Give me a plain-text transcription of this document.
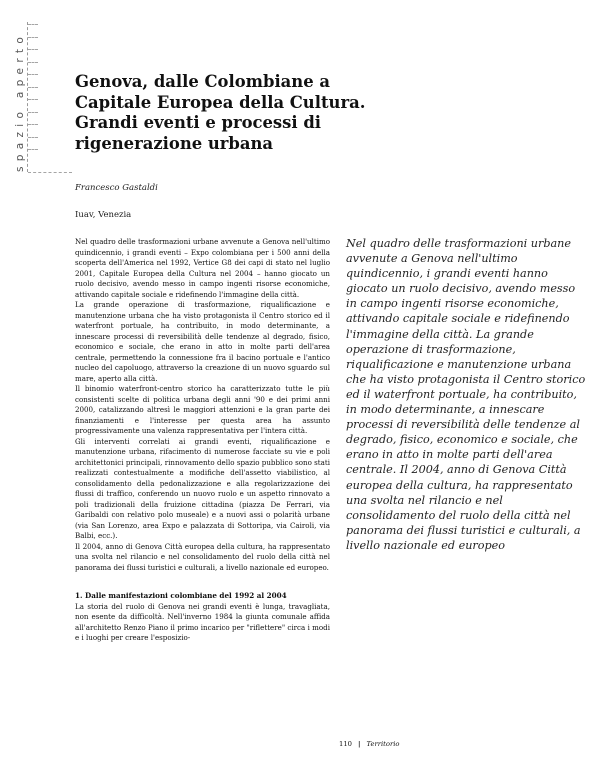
spazio aperto	Genova, dalle Colombiane a Capitale Europea della Cultura. Grandi eventi e processi di rigenerazione urbana

Francesco Gastaldi

Iuav, Venezia

Nel quadro delle trasformazioni urbane avvenute a Genova nell'ultimo quindicennio, i grandi eventi – Expo colombiana per i 500 anni della scoperta dell'America nel 1992, Vertice G8 dei capi di stato nel luglio 2001, Capitale Europea della Cultura nel 2004 – hanno giocato un ruolo decisivo, avendo messo in campo ingenti risorse economiche, attivando capitale sociale e ridefinendo l'immagine della città.

La grande operazione di trasformazione, riqualificazione e manutenzione urbana che ha visto protagonista il Centro storico ed il waterfront portuale, ha contribuito, in modo determinante, a innescare processi di reversibilità delle tendenze al degrado, fisico, economico e sociale, che erano in atto in molte parti dell'area centrale, permettendo la connessione fra il bacino portuale e l'antico nucleo del capoluogo, attraverso la creazione di un nuovo sguardo sul mare, aperto alla città.

Il binomio waterfront-centro storico ha caratterizzato tutte le più consistenti scelte di politica urbana degli anni '90 e dei primi anni 2000, catalizzando altresì le maggiori attenzioni e la gran parte dei finanziamenti e l'interesse per questa area ha assunto progressivamente una valenza rappresentativa per l'intera città.

Gli interventi correlati ai grandi eventi, riqualificazione e manutenzione urbana, rifacimento di numerose facciate su vie e poli architettonici principali, rinnovamento dello spazio pubblico sono stati realizzati contestualmente a modifiche dell'assetto viabilistico, al consolidamento della pedonalizzazione e alla regolarizzazione dei flussi di traffico, conferendo un nuovo ruolo e un aspetto rinnovato a poli tradizionali della fruizione cittadina (piazza De Ferrari, via Garibaldi con relativo polo museale) e a nuovi assi o polarità urbane (via San Lorenzo, area Expo e palazzata di Sottoripa, via Cairoli, via Balbi, ecc.).

Il 2004, anno di Genova Città europea della cultura, ha rappresentato una svolta nel rilancio e nel consolidamento del ruolo della città nel panorama dei flussi turistici e culturali, a livello nazionale ed europeo.

1. Dalle manifestazioni colombiane del 1992 al 2004

La storia del ruolo di Genova nei grandi eventi è lunga, travagliata, non esente da difficoltà. Nell'inverno 1984 la giunta comunale affida all'architetto Renzo Piano il primo incarico per "riflettere" circa i modi e i luoghi per creare l'esposizio-

Nel quadro delle trasformazioni urbane avvenute a Genova nell'ultimo quindicennio, i grandi eventi hanno giocato un ruolo decisivo, avendo messo in campo ingenti risorse economiche, attivando capitale sociale e ridefinendo l'immagine della città. La grande operazione di trasformazione, riqualificazione e manutenzione urbana che ha visto protagonista il Centro storico ed il waterfront portuale, ha contribuito, in modo determinante, a innescare processi di reversibilità delle tendenze al degrado, fisico, economico e sociale, che erano in atto in molte parti dell'area centrale. Il 2004, anno di Genova Città europea della cultura, ha rappresentato una svolta nel rilancio e nel consolidamento del ruolo della città nel panorama dei flussi turistici e culturali, a livello nazionale ed europeo

110 | Territorio
